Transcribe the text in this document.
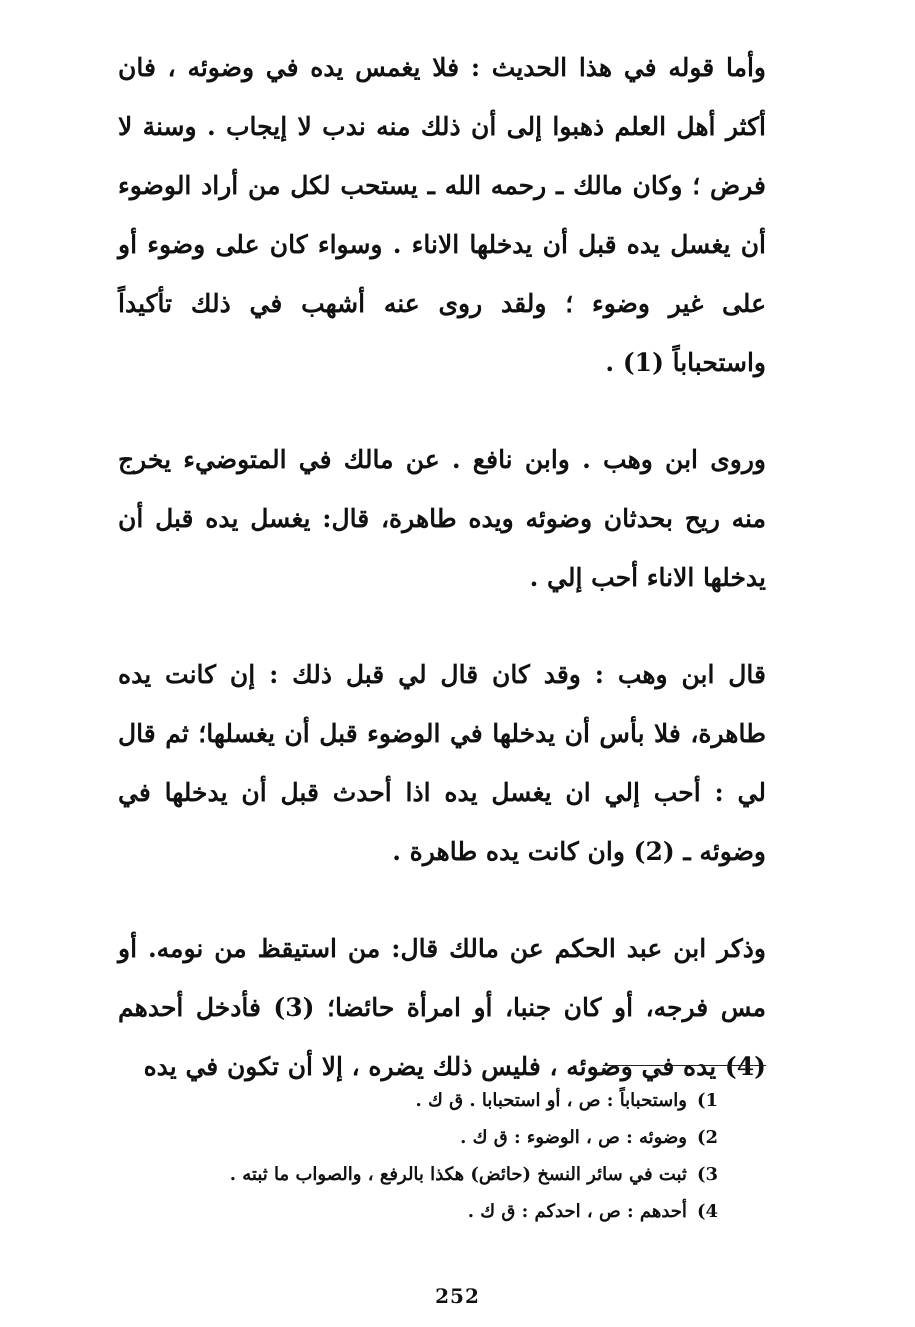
وأما قوله في هذا الحديث : فلا يغمس يده في وضوئه ، فان أكثر أهل العلم ذهبوا إلى أن ذلك منه ندب لا إيجاب . وسنة لا فرض ؛ وكان مالك ـ رحمه الله ـ يستحب لكل من أراد الوضوء أن يغسل يده قبل أن يدخلها الاناء . وسواء كان على وضوء أو على غير وضوء ؛ ولقد روى عنه أشهب في ذلك تأكيداً واستحباباً (1) .

وروى ابن وهب . وابن نافع . عن مالك في المتوضيء يخرج منه ريح بحدثان وضوئه ويده طاهرة، قال: يغسل يده قبل أن يدخلها الاناء أحب إلي .

قال ابن وهب : وقد كان قال لي قبل ذلك : إن كانت يده طاهرة، فلا بأس أن يدخلها في الوضوء قبل أن يغسلها؛ ثم قال لي : أحب إلي ان يغسل يده اذا أحدث قبل أن يدخلها في وضوئه ـ (2) وان كانت يده طاهرة .

وذكر ابن عبد الحكم عن مالك قال: من استيقظ من نومه. أو مس فرجه، أو كان جنبا، أو امرأة حائضا؛ (3) فأدخل أحدهم (4) يده في وضوئه ، فليس ذلك يضره ، إلا أن تكون في يده

1)
واستحباباً : ص ، أو استحبابا . ق ك .
2)
وضوئه : ص ، الوضوء : ق ك .
3)
ثبت في سائر النسخ (حائض) هكذا بالرفع ، والصواب ما ثبته .
4)
أحدهم : ص ، احدكم : ق ك .
252
